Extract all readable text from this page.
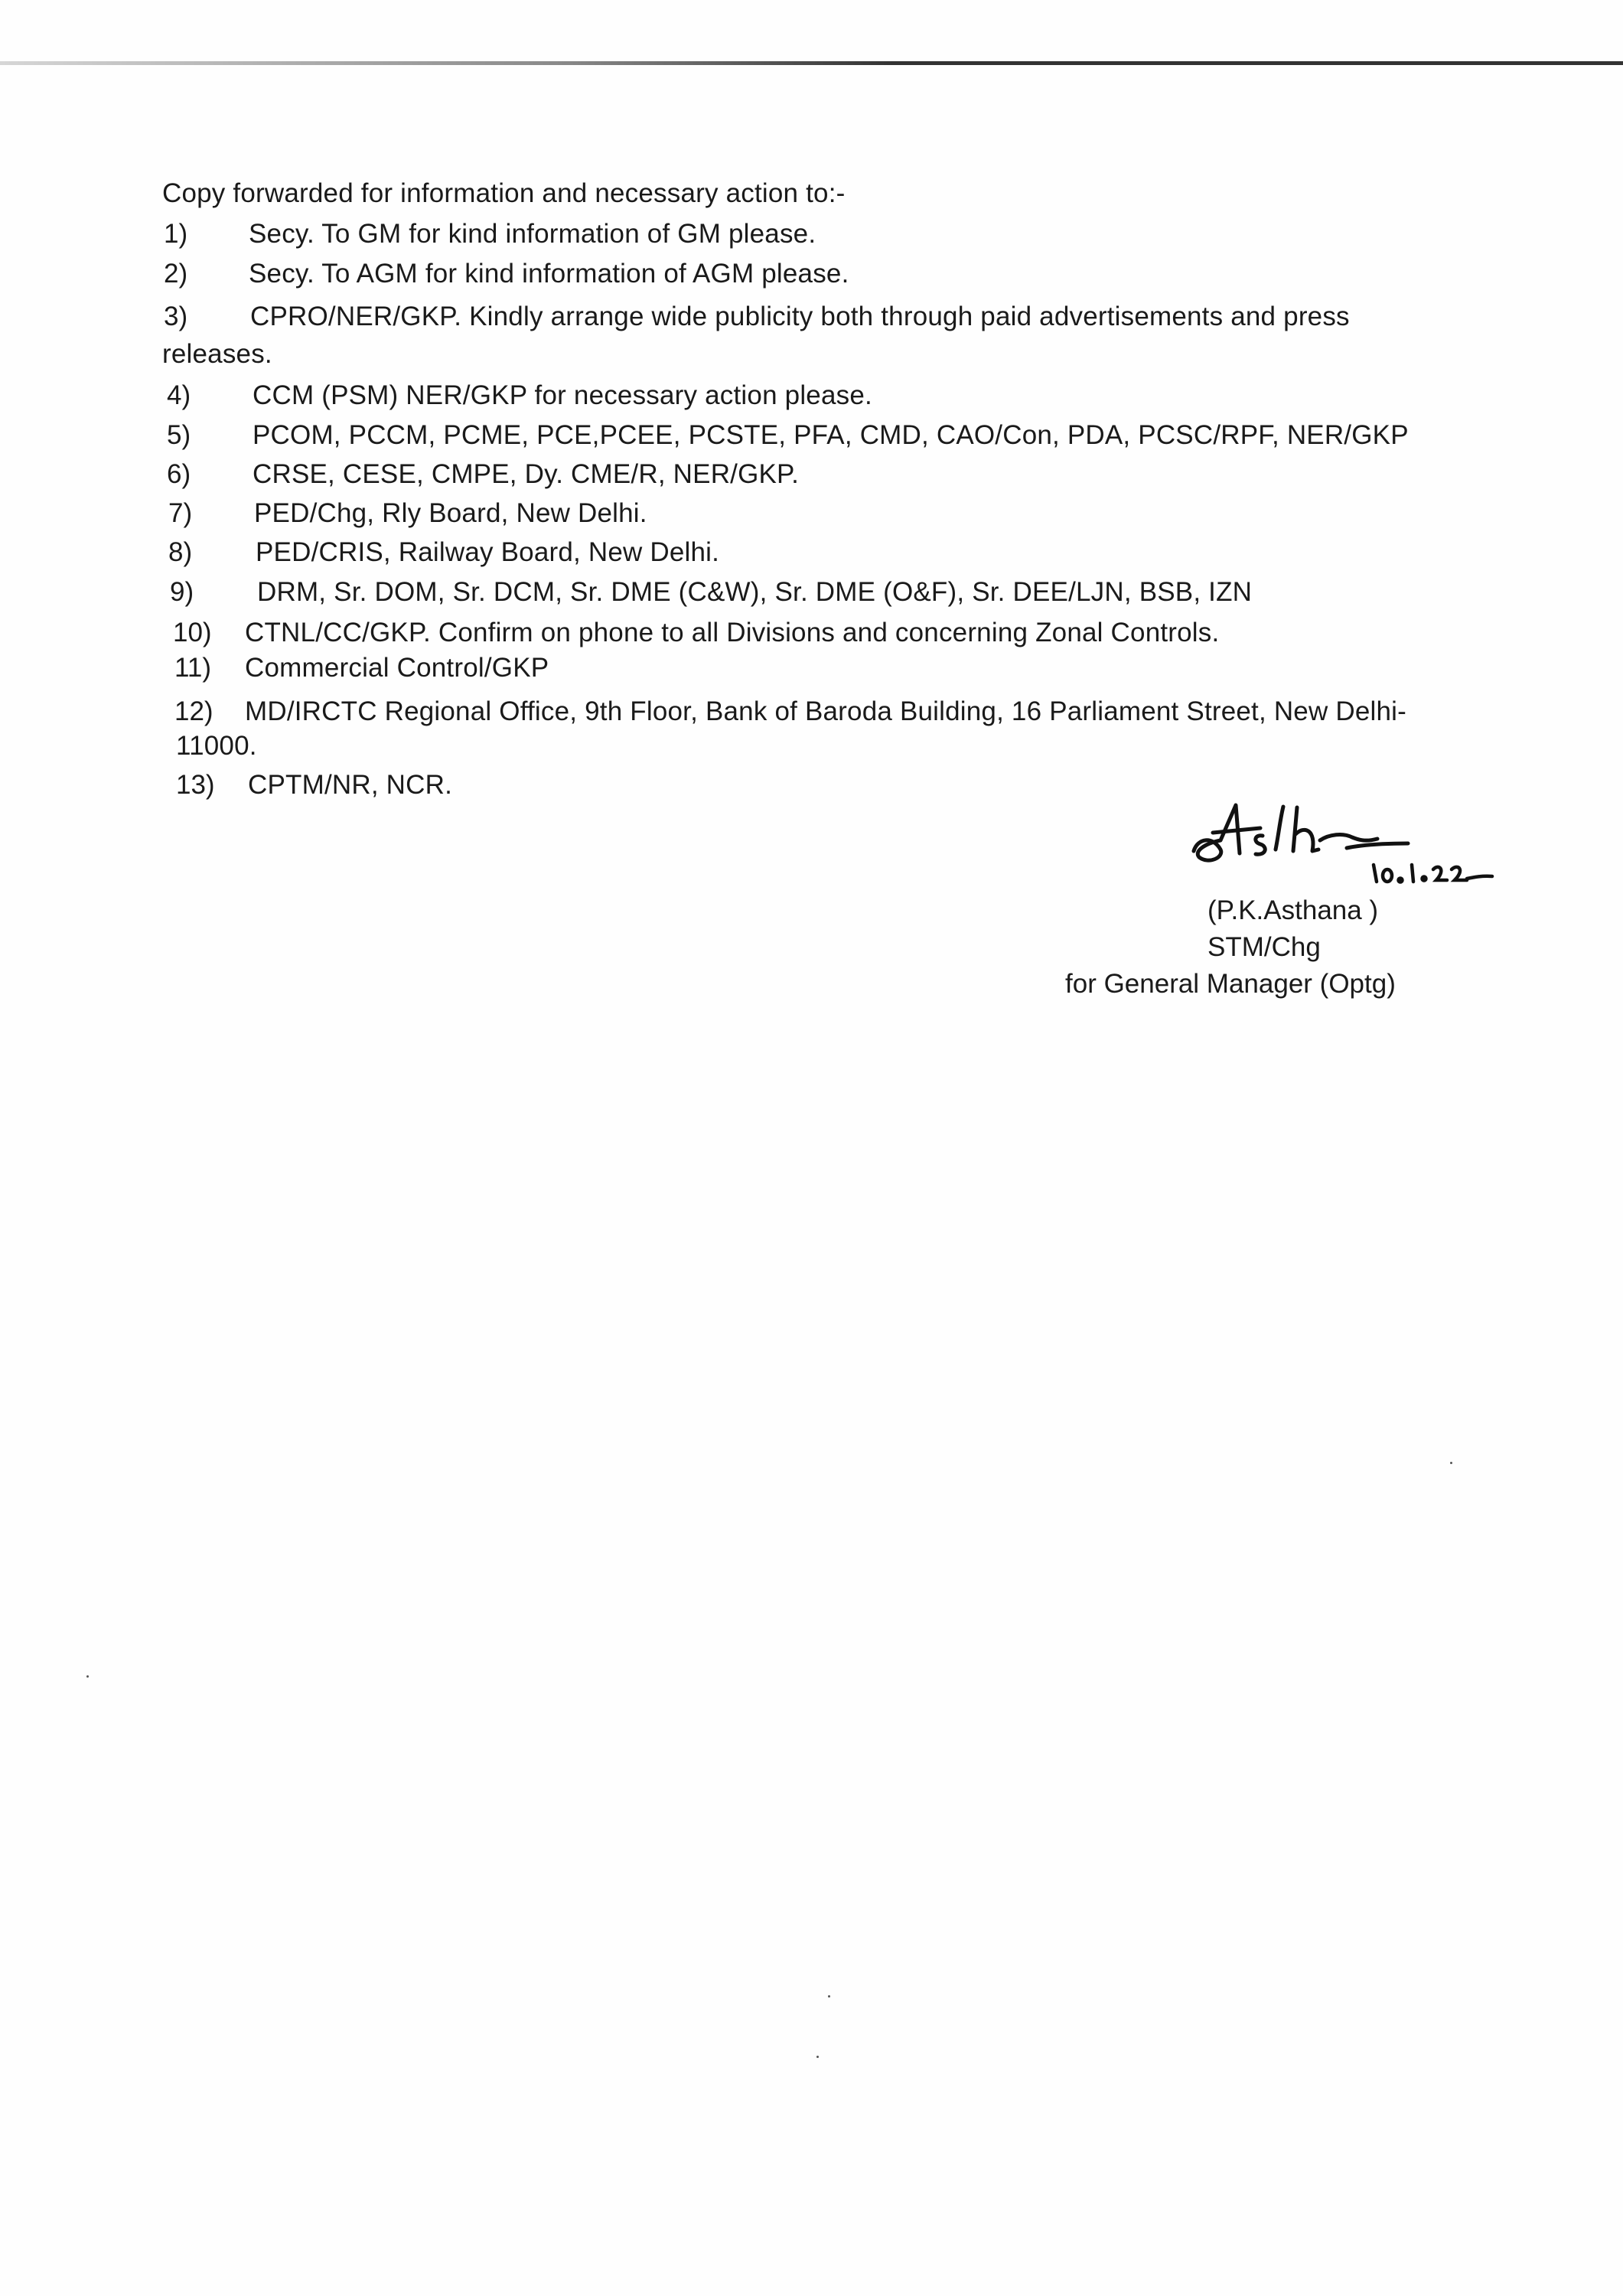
Copy forwarded for information and necessary action to:-
1) Secy. To GM for kind information of GM please.
2) Secy. To AGM for kind information of AGM please.
3) CPRO/NER/GKP. Kindly arrange wide publicity both through paid advertisements and press
releases.
4) CCM (PSM) NER/GKP for necessary action please.
5) PCOM, PCCM, PCME, PCE,PCEE, PCSTE, PFA, CMD, CAO/Con, PDA, PCSC/RPF, NER/GKP
6) CRSE, CESE, CMPE, Dy. CME/R, NER/GKP.
7) PED/Chg, Rly Board, New Delhi.
8) PED/CRIS, Railway Board, New Delhi.
9) DRM, Sr. DOM, Sr. DCM, Sr. DME (C&W), Sr. DME (O&F), Sr. DEE/LJN, BSB, IZN
10) CTNL/CC/GKP. Confirm on phone to all Divisions and concerning Zonal Controls.
11) Commercial Control/GKP
12) MD/IRCTC Regional Office, 9th Floor, Bank of Baroda Building, 16 Parliament Street, New Delhi-
11000.
13) CPTM/NR, NCR.
(P.K.Asthana )
STM/Chg
for General Manager (Optg)
